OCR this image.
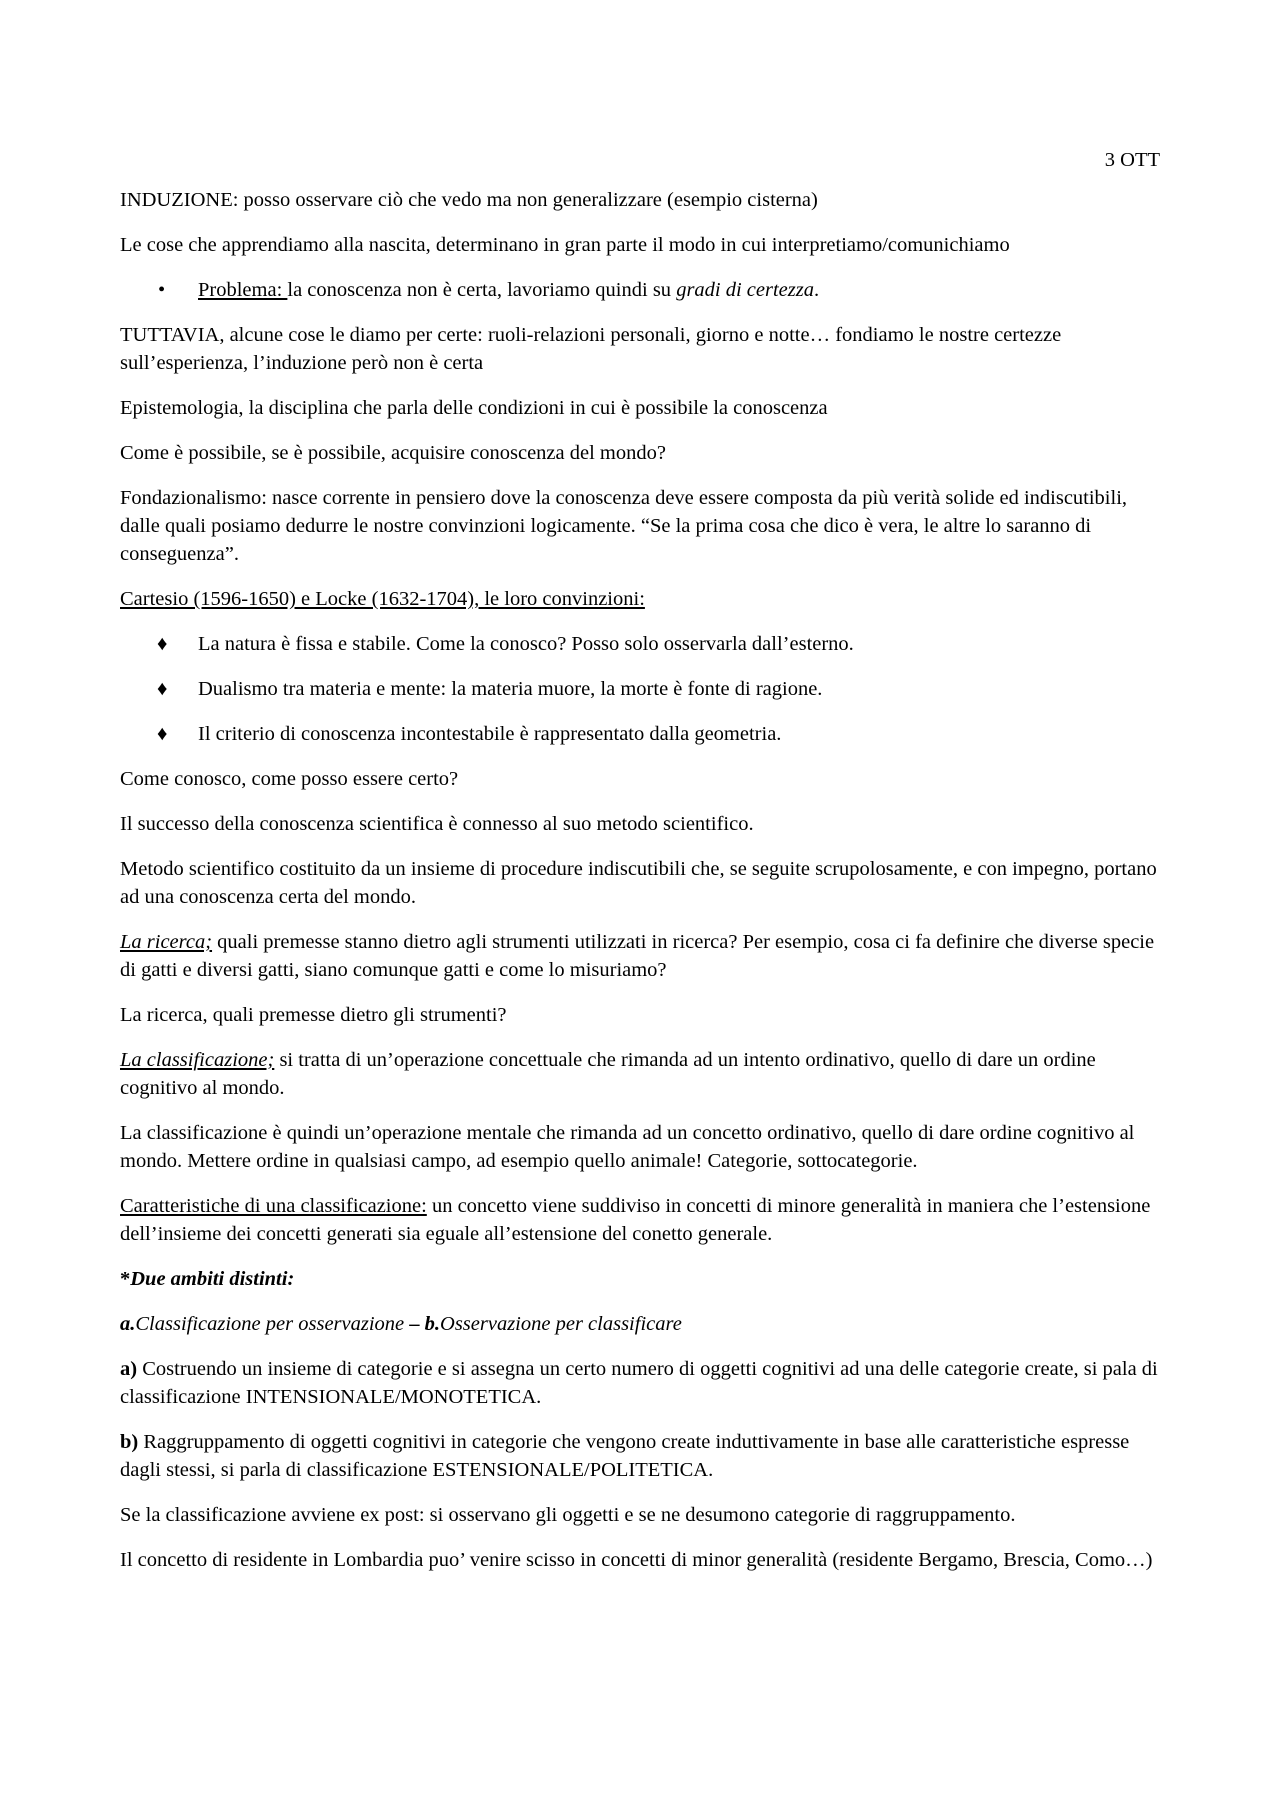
3 OTT

INDUZIONE: posso osservare ciò che vedo ma non generalizzare (esempio cisterna)

Le cose che apprendiamo alla nascita, determinano in gran parte il modo in cui interpretiamo/comunichiamo

•	Problema: la conoscenza non è certa, lavoriamo quindi su gradi di certezza.

TUTTAVIA, alcune cose le diamo per certe: ruoli-relazioni personali, giorno e notte… fondiamo le nostre certezze sull’esperienza, l’induzione però non è certa

Epistemologia, la disciplina che parla delle condizioni in cui è possibile la conoscenza

Come è possibile, se è possibile, acquisire conoscenza del mondo?

Fondazionalismo: nasce corrente in pensiero dove la conoscenza deve essere composta da più verità solide ed indiscutibili, dalle quali posiamo dedurre le nostre convinzioni logicamente. “Se la prima cosa che dico è vera, le altre lo saranno di conseguenza”.

Cartesio (1596-1650) e Locke (1632-1704), le loro convinzioni:

♦	La natura è fissa e stabile. Come la conosco? Posso solo osservarla dall’esterno.
♦	Dualismo tra materia e mente: la materia muore, la morte è fonte di ragione.
♦	Il criterio di conoscenza incontestabile è rappresentato dalla geometria.

Come conosco, come posso essere certo?

Il successo della conoscenza scientifica è connesso al suo metodo scientifico.

Metodo scientifico costituito da un insieme di procedure indiscutibili che, se seguite scrupolosamente, e con impegno, portano ad una conoscenza certa del mondo.

La ricerca; quali premesse stanno dietro agli strumenti utilizzati in ricerca? Per esempio, cosa ci fa definire che diverse specie di gatti e diversi gatti, siano comunque gatti e come lo misuriamo?

La ricerca, quali premesse dietro gli strumenti?

La classificazione; si tratta di un’operazione concettuale che rimanda ad un intento ordinativo, quello di dare un ordine cognitivo al mondo.

La classificazione è quindi un’operazione mentale che rimanda ad un concetto ordinativo, quello di dare ordine cognitivo al mondo. Mettere ordine in qualsiasi campo, ad esempio quello animale! Categorie, sottocategorie.

Caratteristiche di una classificazione: un concetto viene suddiviso in concetti di minore generalità in maniera che l’estensione dell’insieme dei concetti generati sia eguale all’estensione del conetto generale.

*Due ambiti distinti:

a.Classificazione per osservazione – b.Osservazione per classificare

a) Costruendo un insieme di categorie e si assegna un certo numero di oggetti cognitivi ad una delle categorie create, si pala di classificazione INTENSIONALE/MONOTETICA.

b) Raggruppamento di oggetti cognitivi in categorie che vengono create induttivamente in base alle caratteristiche espresse dagli stessi, si parla di classificazione ESTENSIONALE/POLITETICA.

Se la classificazione avviene ex post: si osservano gli oggetti e se ne desumono categorie di raggruppamento.

Il concetto di residente in Lombardia puo’ venire scisso in concetti di minor generalità (residente Bergamo, Brescia, Como…)
